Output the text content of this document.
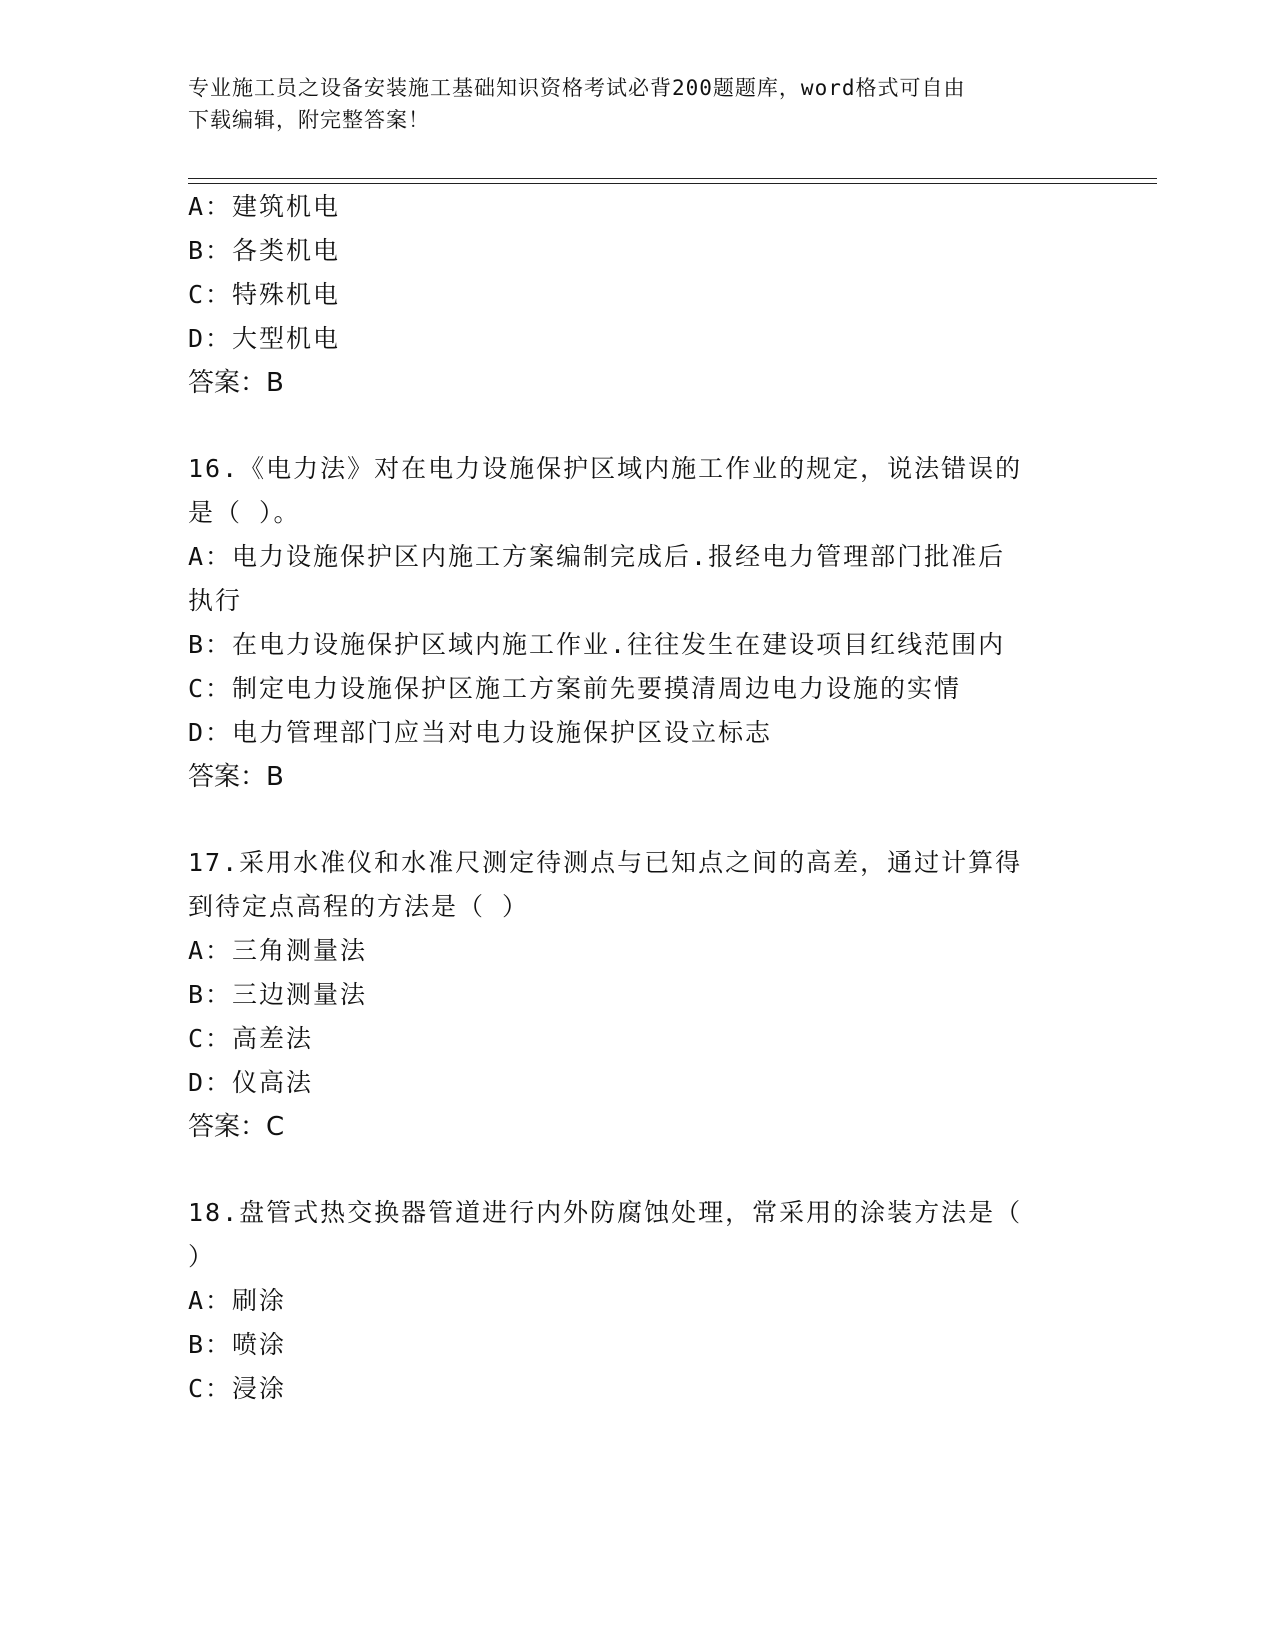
专业施工员之设备安装施工基础知识资格考试必背200题题库，word格式可自由
下载编辑，附完整答案！
A：建筑机电
B：各类机电
C：特殊机电
D：大型机电
答案：B
16.《电力法》对在电力设施保护区域内施工作业的规定，说法错误的
是（ ）。
A：电力设施保护区内施工方案编制完成后.报经电力管理部门批准后
执行
B：在电力设施保护区域内施工作业.往往发生在建设项目红线范围内
C：制定电力设施保护区施工方案前先要摸清周边电力设施的实情
D：电力管理部门应当对电力设施保护区设立标志
答案：B
17.采用水准仪和水准尺测定待测点与已知点之间的高差，通过计算得
到待定点高程的方法是（ ）
A：三角测量法
B：三边测量法
C：高差法
D：仪高法
答案：C
18.盘管式热交换器管道进行内外防腐蚀处理，常采用的涂装方法是（
）
A：刷涂
B：喷涂
C：浸涂
